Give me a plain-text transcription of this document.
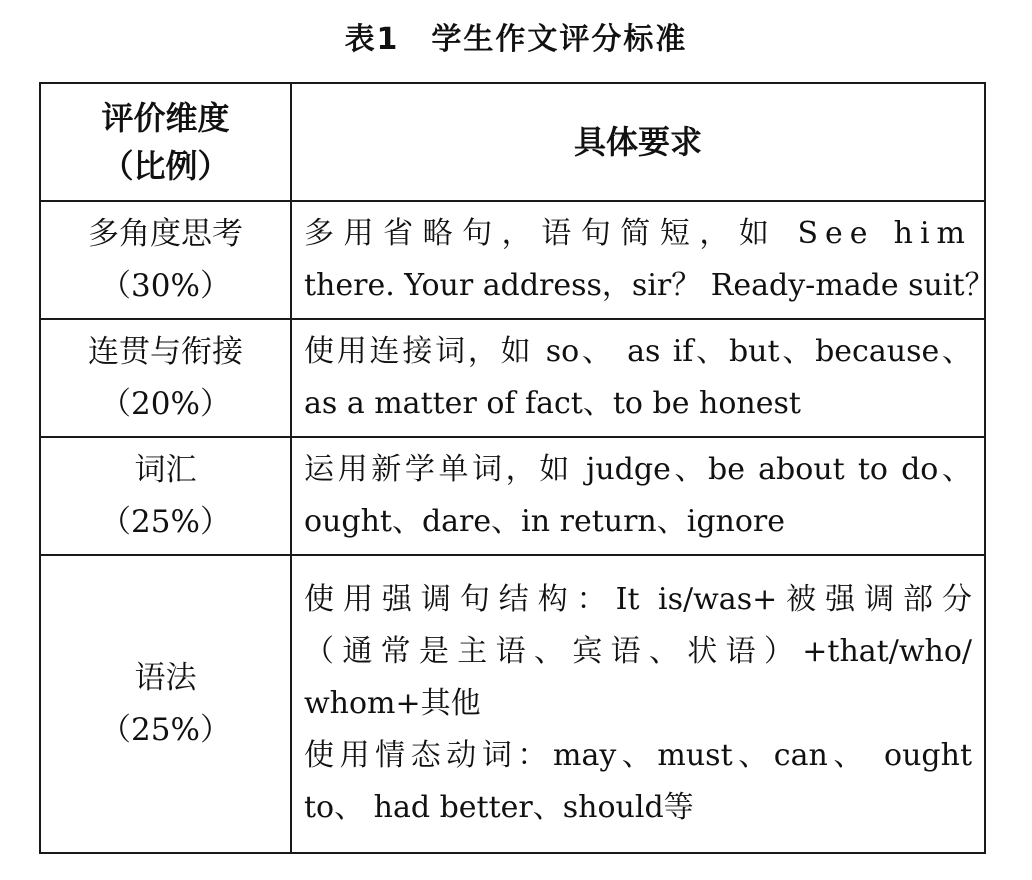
表1　学生作文评分标准
评价维度
（比例）	具体要求

多角度思考
（30%）	多用省略句，语句简短，如 See him
there. Your address，sir？ Ready-made suit？

连贯与衔接
（20%）	使用连接词，如 so、 as if、but、because、
as a matter of fact、to be honest

词汇
（25%）	运用新学单词，如 judge、be about to do、
ought、dare、in return、ignore

语法
（25%）	使用强调句结构：It is/was+被强调部分
（通常是主语、宾语、状语）+that/who/
whom+其他
使用情态动词：may、must、can、 ought
to、 had better、should等
